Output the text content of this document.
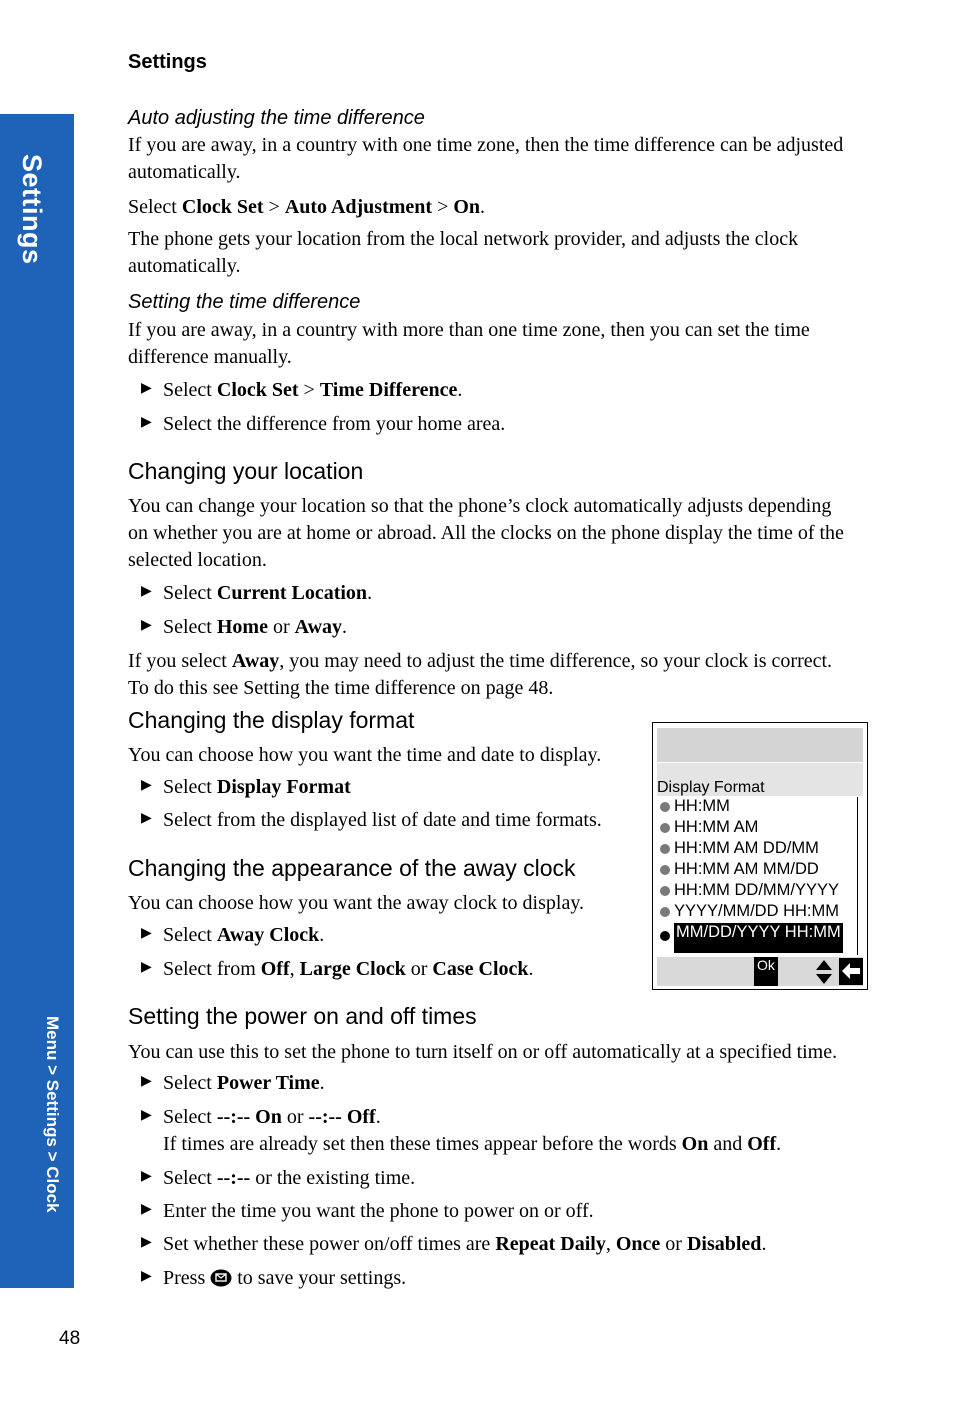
Settings
Menu > Settings > Clock
Settings
Auto adjusting the time difference
If you are away, in a country with one time zone, then the time difference can be adjusted
automatically.
Select Clock Set > Auto Adjustment > On.
The phone gets your location from the local network provider, and adjusts the clock
automatically.
Setting the time difference
If you are away, in a country with more than one time zone, then you can set the time
difference manually.
▶ Select Clock Set > Time Difference.
▶ Select the difference from your home area.
Changing your location
You can change your location so that the phone’s clock automatically adjusts depending
on whether you are at home or abroad. All the clocks on the phone display the time of the
selected location.
▶ Select Current Location.
▶ Select Home or Away.
If you select Away, you may need to adjust the time difference, so your clock is correct.
To do this see Setting the time difference on page 48.
Changing the display format
You can choose how you want the time and date to display.
▶ Select Display Format
▶ Select from the displayed list of date and time formats.
Changing the appearance of the away clock
You can choose how you want the away clock to display.
▶ Select Away Clock.
▶ Select from Off, Large Clock or Case Clock.
Display Format
HH:MM
HH:MM AM
HH:MM AM DD/MM
HH:MM AM MM/DD
HH:MM DD/MM/YYYY
YYYY/MM/DD HH:MM
MM/DD/YYYY HH:MM
Ok
Setting the power on and off times
You can use this to set the phone to turn itself on or off automatically at a specified time.
▶ Select Power Time.
▶ Select --:-- On or --:-- Off.
If times are already set then these times appear before the words On and Off.
▶ Select --:-- or the existing time.
▶ Enter the time you want the phone to power on or off.
▶ Set whether these power on/off times are Repeat Daily, Once or Disabled.
▶ Press  to save your settings.
48
